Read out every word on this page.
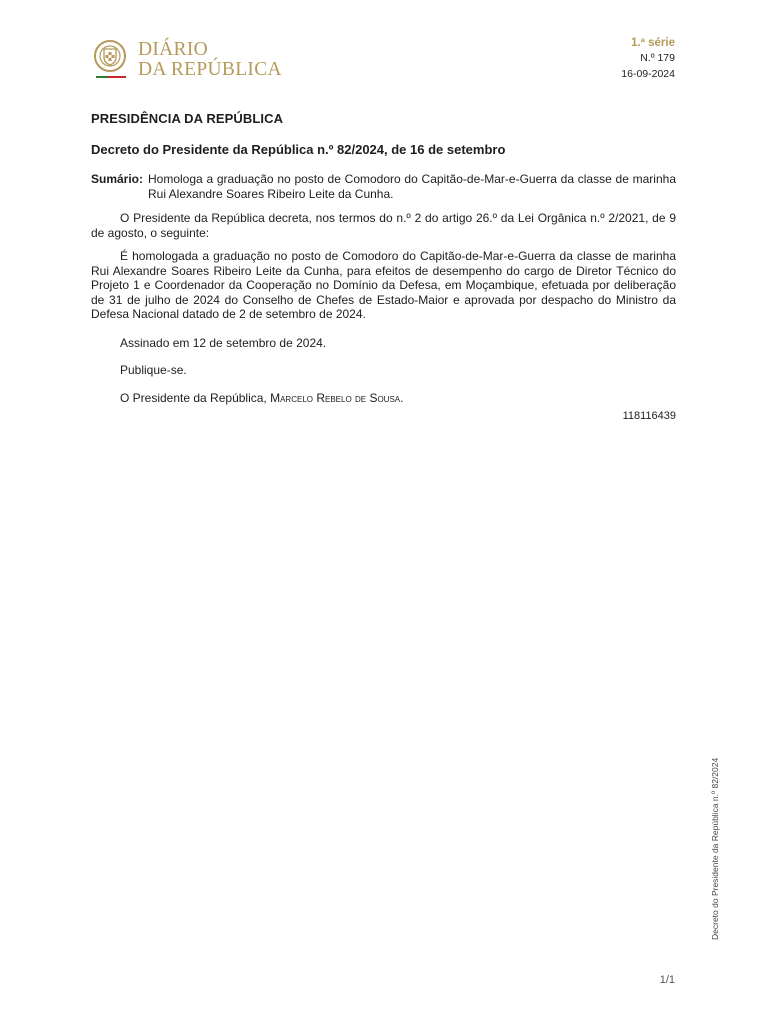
DIÁRIO
DA REPÚBLICA
1.ª série
N.º 179
16-09-2024
PRESIDÊNCIA DA REPÚBLICA
Decreto do Presidente da República n.º 82/2024, de 16 de setembro
Sumário: Homologa a graduação no posto de Comodoro do Capitão-de-Mar-e-Guerra da classe de marinha Rui Alexandre Soares Ribeiro Leite da Cunha.

O Presidente da República decreta, nos termos do n.º 2 do artigo 26.º da Lei Orgânica n.º 2/2021, de 9 de agosto, o seguinte:

É homologada a graduação no posto de Comodoro do Capitão-de-Mar-e-Guerra da classe de marinha Rui Alexandre Soares Ribeiro Leite da Cunha, para efeitos de desempenho do cargo de Diretor Técnico do Projeto 1 e Coordenador da Cooperação no Domínio da Defesa, em Moçambique, efetuada por deliberação de 31 de julho de 2024 do Conselho de Chefes de Estado-Maior e aprovada por despacho do Ministro da Defesa Nacional datado de 2 de setembro de 2024.

Assinado em 12 de setembro de 2024.

Publique-se.

O Presidente da República, Marcelo Rebelo de Sousa.

118116439
Decreto do Presidente da República n.º 82/2024
1/1
